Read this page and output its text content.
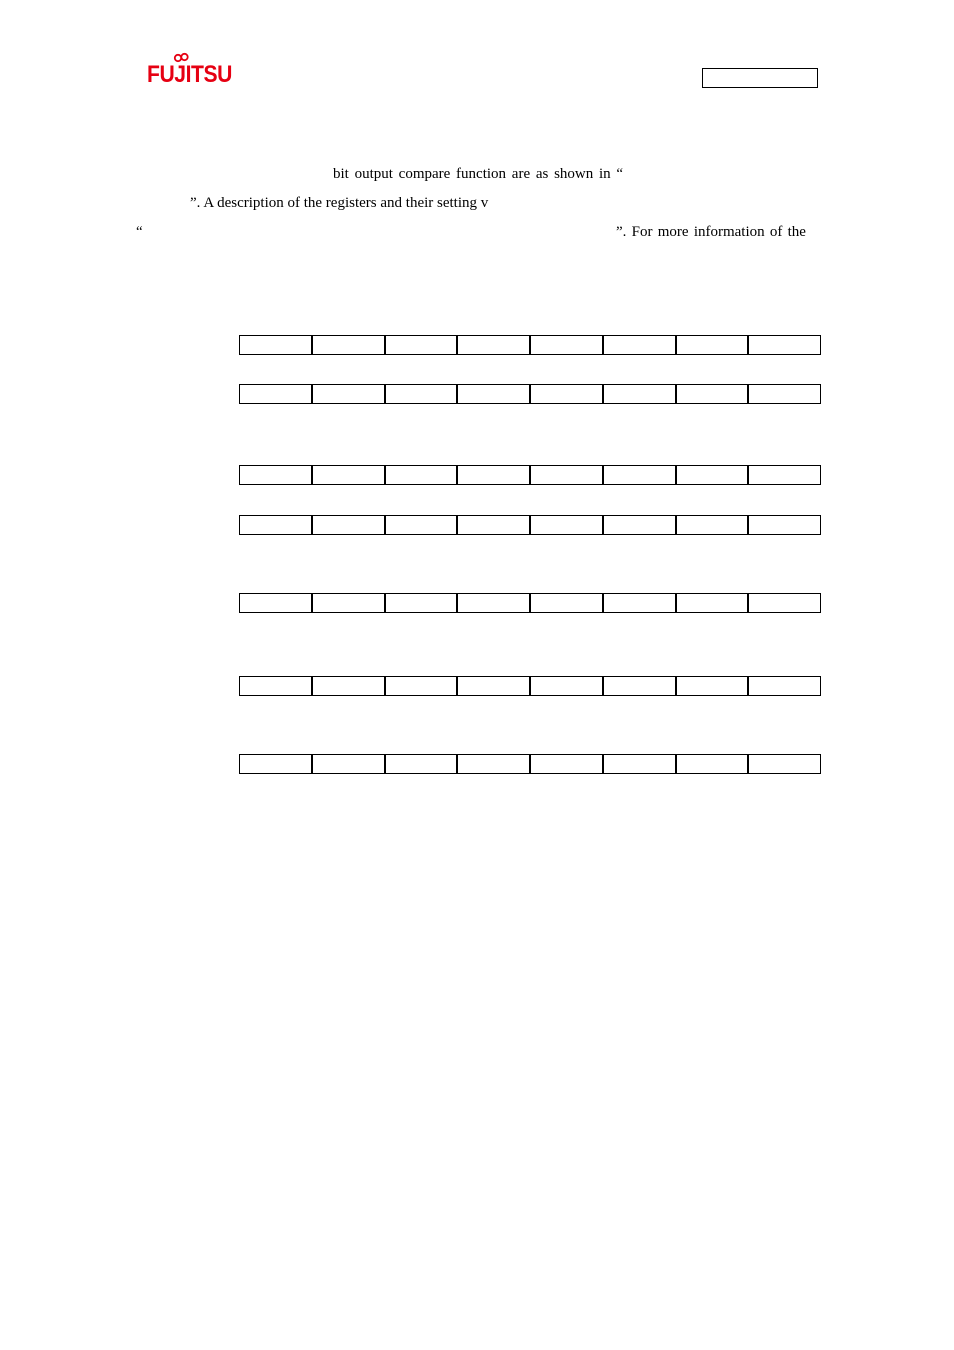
FUJITSU
bit output compare function are as shown in “
”. A description of the registers and their setting v
“	”. For more information of the
